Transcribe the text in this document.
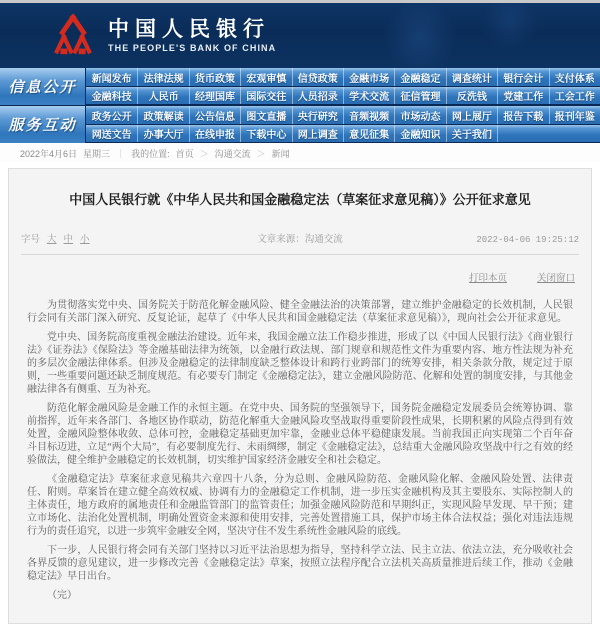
中国人民银行
THE PEOPLE'S BANK OF CHINA
信息公开
新闻发布	法律法规	货币政策	宏观审慎	信贷政策	金融市场	金融稳定	调查统计	银行会计	支付体系
金融科技	人民币	经理国库	国际交往	人员招录	学术交流	征信管理	反洗钱	党建工作	工会工作
服务互动
政务公开	政策解读	公告信息	图文直播	央行研究	音频视频	市场动态	网上展厅	报告下载	报刊年鉴
网送文告	办事大厅	在线申报	下载中心	网上调查	意见征集	金融知识	关于我们
2022年4月6日 星期三 ｜ 我的位置: 首页 ＞ 沟通交流 ＞ 新闻
中国人民银行就《中华人民共和国金融稳定法（草案征求意见稿）》公开征求意见
字号 大 中 小	文章来源：沟通交流	2022-04-06 19:25:12
打印本页	关闭窗口

为贯彻落实党中央、国务院关于防范化解金融风险、健全金融法治的决策部署，建立维护金融稳定的长效机制，人民银行会同有关部门深入研究、反复论证，起草了《中华人民共和国金融稳定法（草案征求意见稿）》，现向社会公开征求意见。

党中央、国务院高度重视金融法治建设。近年来，我国金融立法工作稳步推进，形成了以《中国人民银行法》《商业银行法》《证券法》《保险法》等金融基础法律为统领，以金融行政法规、部门规章和规范性文件为重要内容、地方性法规为补充的多层次金融法律体系。但涉及金融稳定的法律制度缺乏整体设计和跨行业跨部门的统筹安排，相关条款分散，规定过于原则，一些重要问题还缺乏制度规范。有必要专门制定《金融稳定法》，建立金融风险防范、化解和处置的制度安排，与其他金融法律各有侧重、互为补充。

防范化解金融风险是金融工作的永恒主题。在党中央、国务院的坚强领导下，国务院金融稳定发展委员会统筹协调、靠前指挥，近年来各部门、各地区协作联动，防范化解重大金融风险攻坚战取得重要阶段性成果，长期积累的风险点得到有效处置，金融风险整体收敛、总体可控，金融稳定基础更加牢靠，金融业总体平稳健康发展。当前我国正向实现第二个百年奋斗目标迈进，立足“两个大局”，有必要制度先行、未雨绸缪，制定《金融稳定法》，总结重大金融风险攻坚战中行之有效的经验做法，健全维护金融稳定的长效机制，切实维护国家经济金融安全和社会稳定。

《金融稳定法》草案征求意见稿共六章四十八条，分为总则、金融风险防范、金融风险化解、金融风险处置、法律责任、附则。草案旨在建立健全高效权威、协调有力的金融稳定工作机制，进一步压实金融机构及其主要股东、实际控制人的主体责任，地方政府的属地责任和金融监管部门的监管责任；加强金融风险防范和早期纠正，实现风险早发现、早干预；建立市场化、法治化处置机制，明确处置资金来源和使用安排，完善处置措施工具，保护市场主体合法权益；强化对违法违规行为的责任追究，以进一步筑牢金融安全网，坚决守住不发生系统性金融风险的底线。

下一步，人民银行将会同有关部门坚持以习近平法治思想为指导，坚持科学立法、民主立法、依法立法，充分吸收社会各界反馈的意见建议，进一步修改完善《金融稳定法》草案，按照立法程序配合立法机关高质量推进后续工作，推动《金融稳定法》早日出台。

（完）
